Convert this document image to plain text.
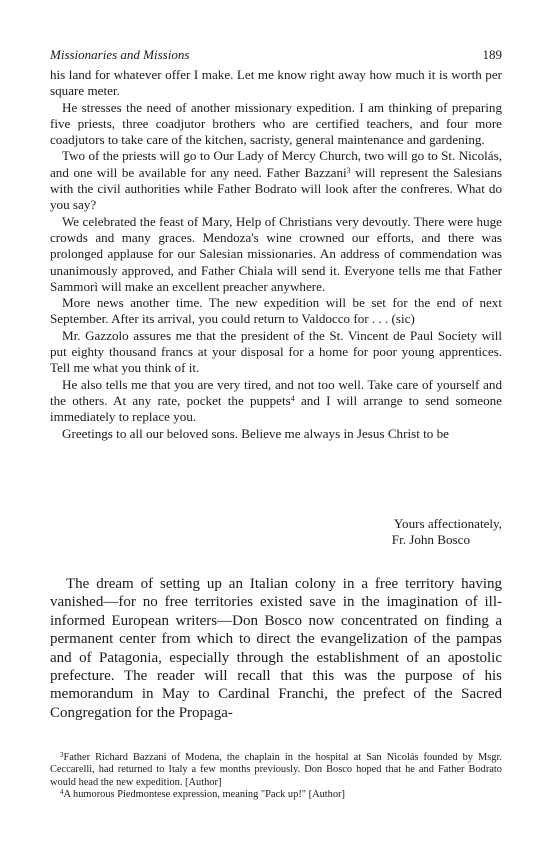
Missionaries and Missions	189

his land for whatever offer I make. Let me know right away how much it is worth per square meter.

He stresses the need of another missionary expedition. I am thinking of preparing five priests, three coadjutor brothers who are certified teachers, and four more coadjutors to take care of the kitchen, sacristy, general maintenance and gardening.

Two of the priests will go to Our Lady of Mercy Church, two will go to St. Nicolás, and one will be available for any need. Father Bazzani$^3$ will represent the Salesians with the civil authorities while Father Bodrato will look after the confreres. What do you say?

We celebrated the feast of Mary, Help of Christians very devoutly. There were huge crowds and many graces. Mendoza's wine crowned our efforts, and there was prolonged applause for our Salesian missionaries. An address of commendation was unanimously approved, and Father Chiala will send it. Everyone tells me that Father Sammorì will make an excellent preacher anywhere.

More news another time. The new expedition will be set for the end of next September. After its arrival, you could return to Valdocco for . . . (sic)

Mr. Gazzolo assures me that the president of the St. Vincent de Paul Society will put eighty thousand francs at your disposal for a home for poor young apprentices. Tell me what you think of it.

He also tells me that you are very tired, and not too well. Take care of yourself and the others. At any rate, pocket the puppets$^4$ and I will arrange to send someone immediately to replace you.

Greetings to all our beloved sons. Believe me always in Jesus Christ to be

Yours affectionately,
Fr. John Bosco

The dream of setting up an Italian colony in a free territory having vanished—for no free territories existed save in the imagination of ill-informed European writers—Don Bosco now concentrated on finding a permanent center from which to direct the evangelization of the pampas and of Patagonia, especially through the establishment of an apostolic prefecture. The reader will recall that this was the purpose of his memorandum in May to Cardinal Franchi, the prefect of the Sacred Congregation for the Propaga-

$^3$Father Richard Bazzani of Modena, the chaplain in the hospital at San Nicolás founded by Msgr. Ceccarelli, had returned to Italy a few months previously. Don Bosco hoped that he and Father Bodrato would head the new expedition. [Author]

$^4$A humorous Piedmontese expression, meaning "Pack up!" [Author]
